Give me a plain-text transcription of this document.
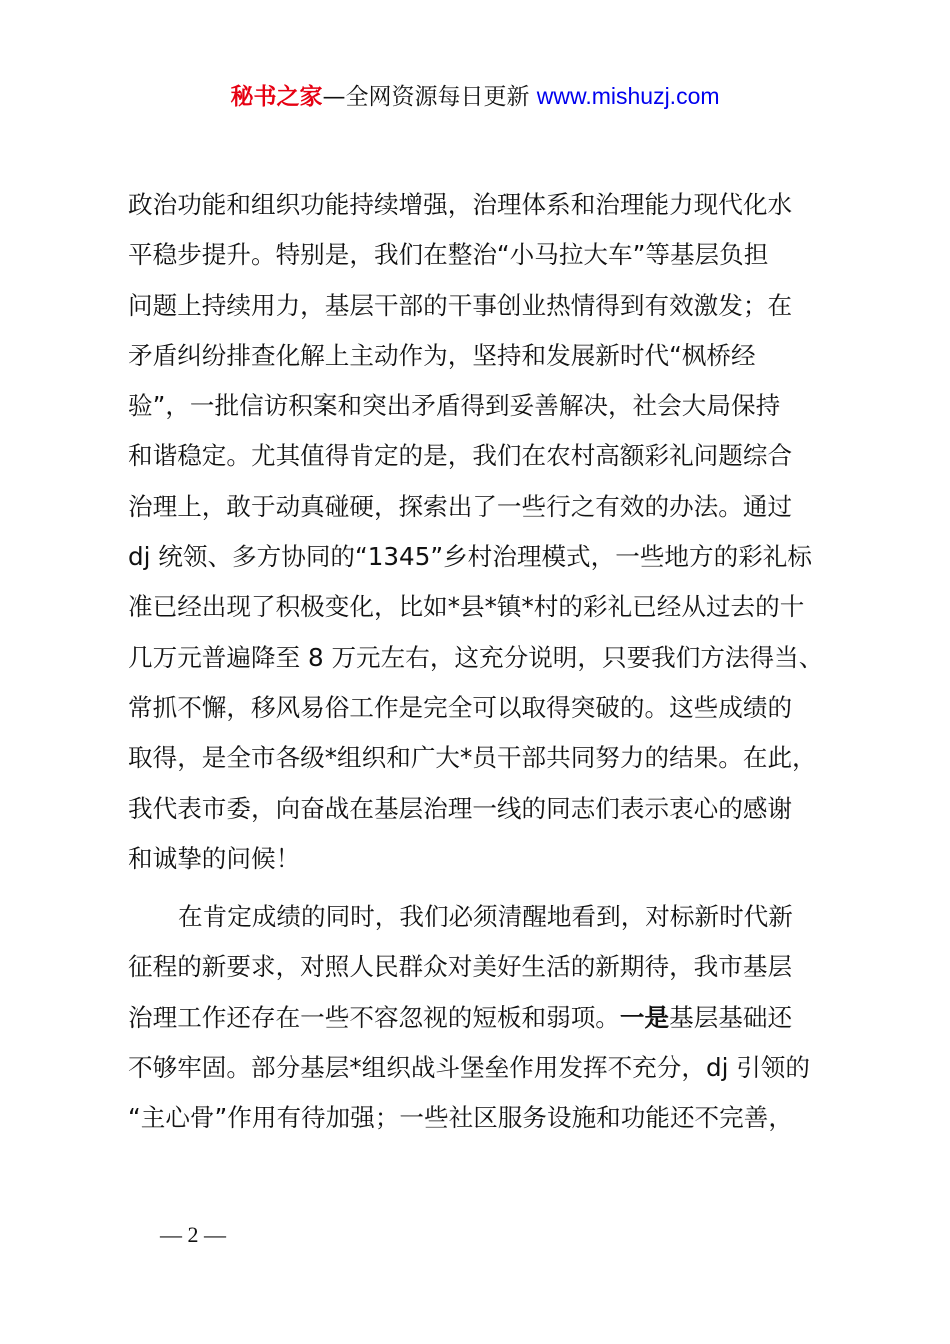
秘书之家—全网资源每日更新 www.mishuzj.com

政治功能和组织功能持续增强，治理体系和治理能力现代化水
平稳步提升。特别是，我们在整治“小马拉大车”等基层负担
问题上持续用力，基层干部的干事创业热情得到有效激发；在
矛盾纠纷排查化解上主动作为，坚持和发展新时代“枫桥经
验”，一批信访积案和突出矛盾得到妥善解决，社会大局保持
和谐稳定。尤其值得肯定的是，我们在农村高额彩礼问题综合
治理上，敢于动真碰硬，探索出了一些行之有效的办法。通过
dj 统领、多方协同的“1345”乡村治理模式，一些地方的彩礼标
准已经出现了积极变化，比如*县*镇*村的彩礼已经从过去的十
几万元普遍降至 8 万元左右，这充分说明，只要我们方法得当、
常抓不懈，移风易俗工作是完全可以取得突破的。这些成绩的
取得，是全市各级*组织和广大*员干部共同努力的结果。在此，
我代表市委，向奋战在基层治理一线的同志们表示衷心的感谢
和诚挚的问候！

在肯定成绩的同时，我们必须清醒地看到，对标新时代新
征程的新要求，对照人民群众对美好生活的新期待，我市基层
治理工作还存在一些不容忽视的短板和弱项。一是基层基础还
不够牢固。部分基层*组织战斗堡垒作用发挥不充分，dj 引领的
“主心骨”作用有待加强；一些社区服务设施和功能还不完善，

— 2 —
